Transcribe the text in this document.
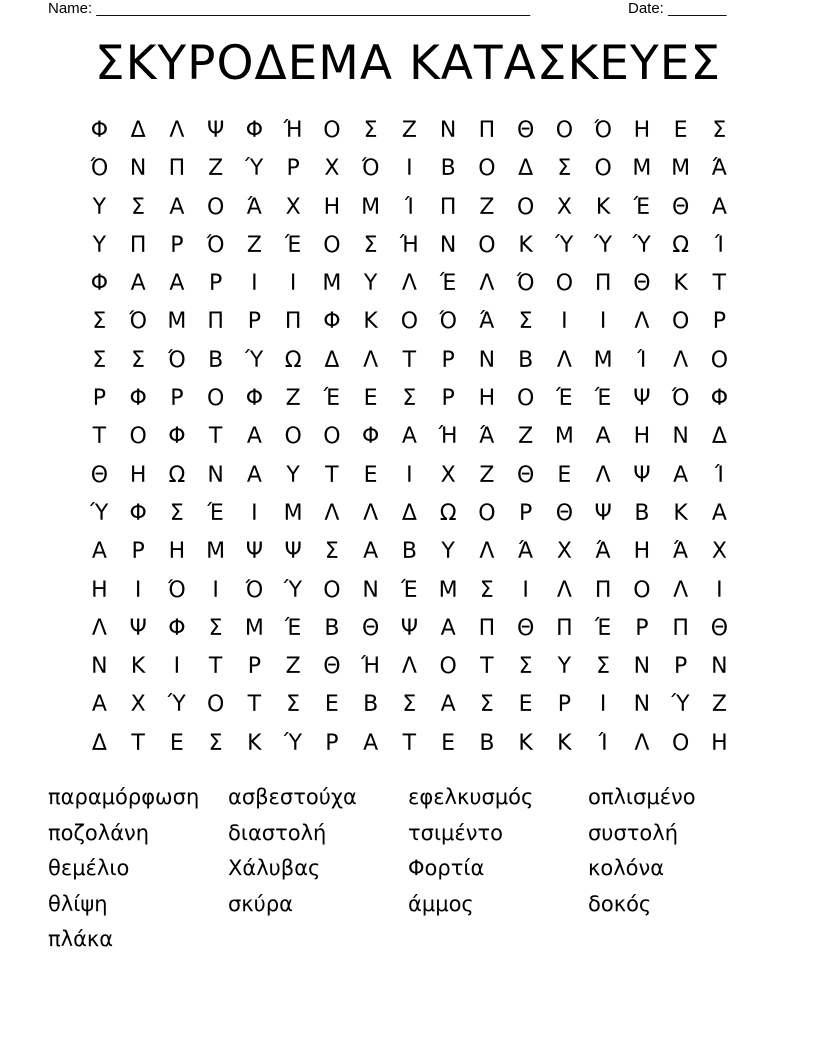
Name: ____________________________________________________	Date: _______
ΣΚΥΡΟΔΕΜΑ ΚΑΤΑΣΚΕΥΕΣ
Φ	Δ	Λ	Ψ Φ Ή Ο	Σ	Ζ	Ν	Π Θ Ο Ό Η	Ε	Σ
Ό Ν	Π	Ζ	Ύ	Ρ	Χ	Ό	Ι	Β	Ο	Δ	Σ	Ο Μ Μ Ά
Υ	Σ	Α	Ο	Ά	Χ	Η Μ	Ί	Π	Ζ	Ο	Χ	Κ	Έ Θ	Α
Υ	Π	Ρ	Ό	Ζ	Έ Ο	Σ	Ή Ν Ο	Κ	Ύ Ύ Ύ Ω	Ί
Φ	Α	Α	Ρ	Ι	Ι	Μ	Υ	Λ	Έ	Λ	Ό Ο Π Θ	Κ	Τ
Σ	Ό Μ Π	Ρ	Π Φ	Κ	Ο Ό	Ά	Σ	Ι	Ι	Λ	Ο	Ρ
Σ	Σ	Ό	Β	Ύ Ω	Δ	Λ	Τ	Ρ	Ν	Β	Λ Μ	Ί	Λ	Ο
Ρ	Φ	Ρ	Ο Φ	Ζ	Έ	Ε	Σ	Ρ	Η Ο Έ	Έ Ψ Ό Φ
Τ	Ο Φ	Τ	Α	Ο Ο Φ	Α Ή Ά	Ζ Μ Α	Η	Ν	Δ
Θ Η	Ω	Ν	Α	Υ	Τ	Ε	Ι	Χ	Ζ	Θ	Ε	Λ	Ψ	Α	Ί
Ύ Φ	Σ	Έ	Ι	Μ Λ	Λ	Δ	Ω Ο	Ρ	Θ Ψ	Β	Κ	Α
Α	Ρ	Η Μ Ψ Ψ	Σ	Α	Β	Υ	Λ	Ά	Χ	Ά	Η	Ά	Χ
Η	Ι	Ό	Ι	Ό Ύ Ο Ν	Έ Μ	Σ	Ι	Λ	Π Ο	Λ	Ι
Λ	Ψ Φ	Σ	Μ Έ	Β	Θ Ψ	Α	Π Θ Π	Έ	Ρ	Π Θ
Ν	Κ	Ι	Τ	Ρ	Ζ	Θ Ή Λ	Ο	Τ	Σ	Υ	Σ	Ν	Ρ	Ν
Α	Χ	Ύ Ο	Τ	Σ	Ε	Β	Σ	Α	Σ	Ε	Ρ	Ι	Ν Ύ	Ζ
Δ	Τ	Ε	Σ	Κ	Ύ	Ρ	Α	Τ	Ε	Β	Κ	Κ	Ί	Λ	Ο Η
παραμόρφωση	ασβεστούχα	εφελκυσμός	οπλισμένο
ποζολάνη	διαστολή	τσιμέντο	συστολή
θεμέλιο	Χάλυβας	Φορτία	κολόνα
θλίψη	σκύρα	άμμος	δοκός
πλάκα
